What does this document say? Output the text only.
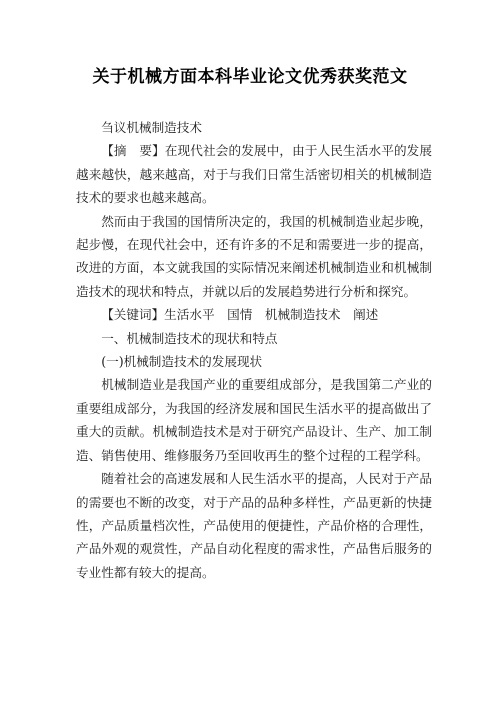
关于机械方面本科毕业论文优秀获奖范文

刍议机械制造技术

【摘　要】在现代社会的发展中，由于人民生活水平的发展越来越快，越来越高，对于与我们日常生活密切相关的机械制造技术的要求也越来越高。

然而由于我国的国情所决定的，我国的机械制造业起步晚，起步慢，在现代社会中，还有许多的不足和需要进一步的提高，改进的方面，本文就我国的实际情况来阐述机械制造业和机械制造技术的现状和特点，并就以后的发展趋势进行分析和探究。

【关键词】生活水平　国情　机械制造技术　阐述

一、机械制造技术的现状和特点

(一)机械制造技术的发展现状

机械制造业是我国产业的重要组成部分，是我国第二产业的重要组成部分，为我国的经济发展和国民生活水平的提高做出了重大的贡献。机械制造技术是对于研究产品设计、生产、加工制造、销售使用、维修服务乃至回收再生的整个过程的工程学科。

随着社会的高速发展和人民生活水平的提高，人民对于产品的需要也不断的改变，对于产品的品种多样性，产品更新的快捷性，产品质量档次性，产品使用的便捷性，产品价格的合理性，产品外观的观赏性，产品自动化程度的需求性，产品售后服务的专业性都有较大的提高。
